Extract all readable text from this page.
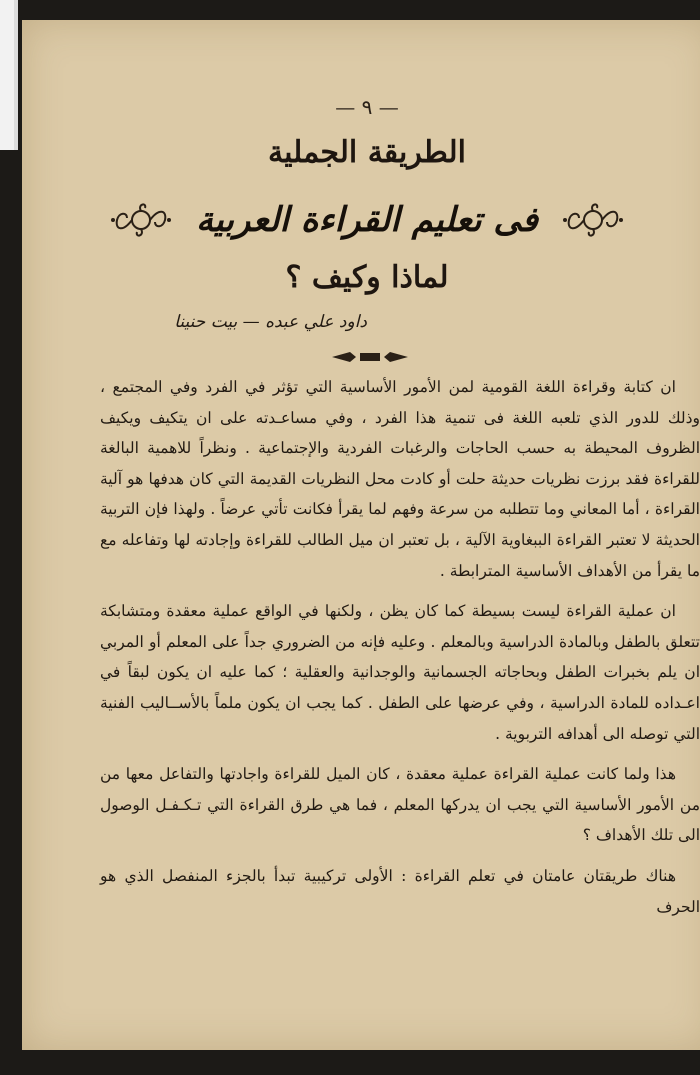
— ٩ —
الطريقة الجملية
فى تعليم القراءة العربية
لماذا وكيف ؟
داود علي عبده — بيت حنينا

ان كتابة وقراءة اللغة القومية لمن الأمور الأساسية التي تؤثر في الفرد وفي المجتمع ، وذلك للدور الذي تلعبه اللغة فى تنمية هذا الفرد ، وفي مساعـدته على ان يتكيف ويكيف الظروف المحيطة به حسب الحاجات والرغبات الفردية والإجتماعية . ونظراً للاهمية البالغة للقراءة فقد برزت نظريات حديثة حلت أو كادت محل النظريات القديمة التي كان هدفها هو آلية القراءة ، أما المعاني وما تتطلبه من سرعة وفهم لما يقرأ فكانت تأتي عرضاً . ولهذا فإن التربية الحديثة لا تعتبر القراءة الببغاوية الآلية ، بل تعتبر ان ميل الطالب للقراءة وإجادته لها وتفاعله مع ما يقرأ من الأهداف الأساسية المترابطة .

ان عملية القراءة ليست بسيطة كما كان يظن ، ولكنها في الواقع عملية معقدة ومتشابكة تتعلق بالطفل وبالمادة الدراسية وبالمعلم . وعليه فإنه من الضروري جداً على المعلم أو المربي ان يلم بخبرات الطفل وبحاجاته الجسمانية والوجدانية والعقلية ؛ كما عليه ان يكون لبقاً في اعـداده للمادة الدراسية ، وفي عرضها على الطفل . كما يجب ان يكون ملماً بالأســاليب الفنية التي توصله الى أهدافه التربوية .

هذا ولما كانت عملية القراءة عملية معقدة ، كان الميل للقراءة واجادتها والتفاعل معها من من الأمور الأساسية التي يجب ان يدركها المعلم ، فما هي طرق القراءة التي تـكـفـل الوصول الى تلك الأهداف ؟

هناك طريقتان عامتان في تعلم القراءة : الأولى تركيبية تبدأ بالجزء المنفصل الذي هو الحرف
